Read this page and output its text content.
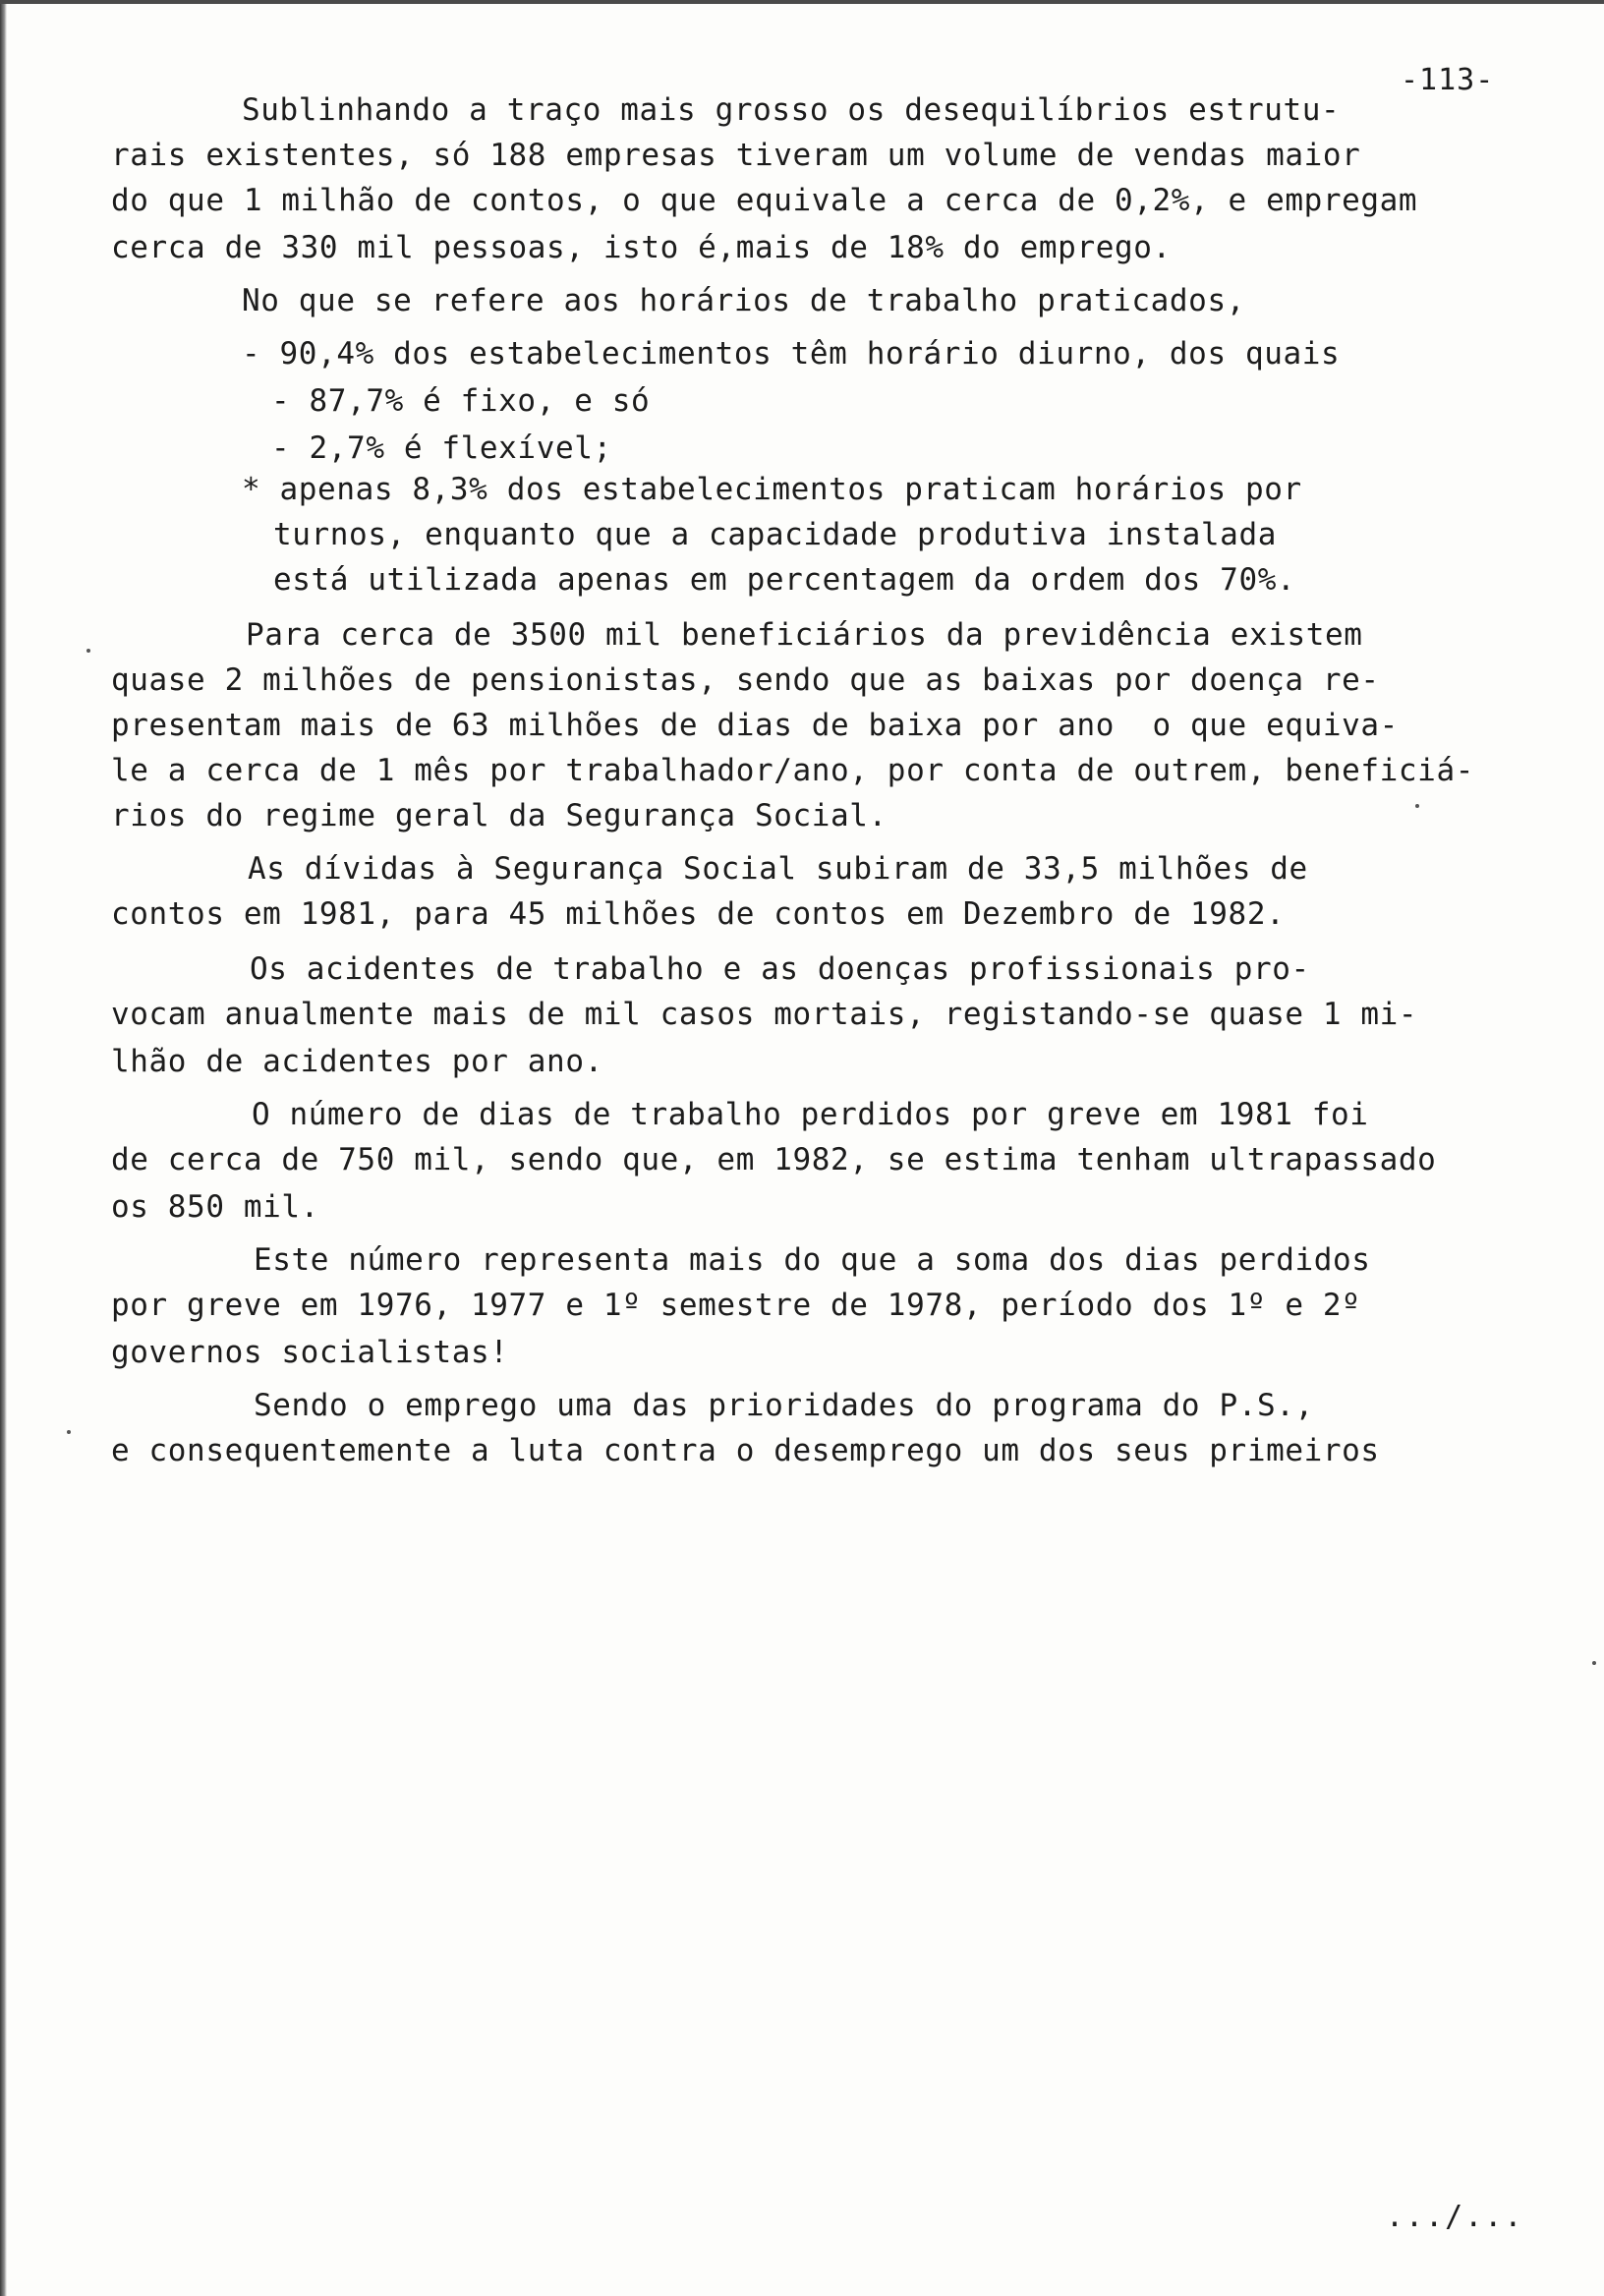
-113-
Sublinhando a traço mais grosso os desequilíbrios estrutu-
rais existentes, só 188 empresas tiveram um volume de vendas maior
do que 1 milhão de contos, o que equivale a cerca de 0,2%, e empregam
cerca de 330 mil pessoas, isto é,mais de 18% do emprego.
No que se refere aos horários de trabalho praticados,
- 90,4% dos estabelecimentos têm horário diurno, dos quais
- 87,7% é fixo, e só
- 2,7% é flexível;
* apenas 8,3% dos estabelecimentos praticam horários por
turnos, enquanto que a capacidade produtiva instalada
está utilizada apenas em percentagem da ordem dos 70%.
Para cerca de 3500 mil beneficiários da previdência existem
quase 2 milhões de pensionistas, sendo que as baixas por doença re-
presentam mais de 63 milhões de dias de baixa por ano  o que equiva-
le a cerca de 1 mês por trabalhador/ano, por conta de outrem, beneficiá-
rios do regime geral da Segurança Social.
As dívidas à Segurança Social subiram de 33,5 milhões de
contos em 1981, para 45 milhões de contos em Dezembro de 1982.
Os acidentes de trabalho e as doenças profissionais pro-
vocam anualmente mais de mil casos mortais, registando-se quase 1 mi-
lhão de acidentes por ano.
O número de dias de trabalho perdidos por greve em 1981 foi
de cerca de 750 mil, sendo que, em 1982, se estima tenham ultrapassado
os 850 mil.
Este número representa mais do que a soma dos dias perdidos
por greve em 1976, 1977 e 1º semestre de 1978, período dos 1º e 2º
governos socialistas!
Sendo o emprego uma das prioridades do programa do P.S.,
e consequentemente a luta contra o desemprego um dos seus primeiros
.../...
